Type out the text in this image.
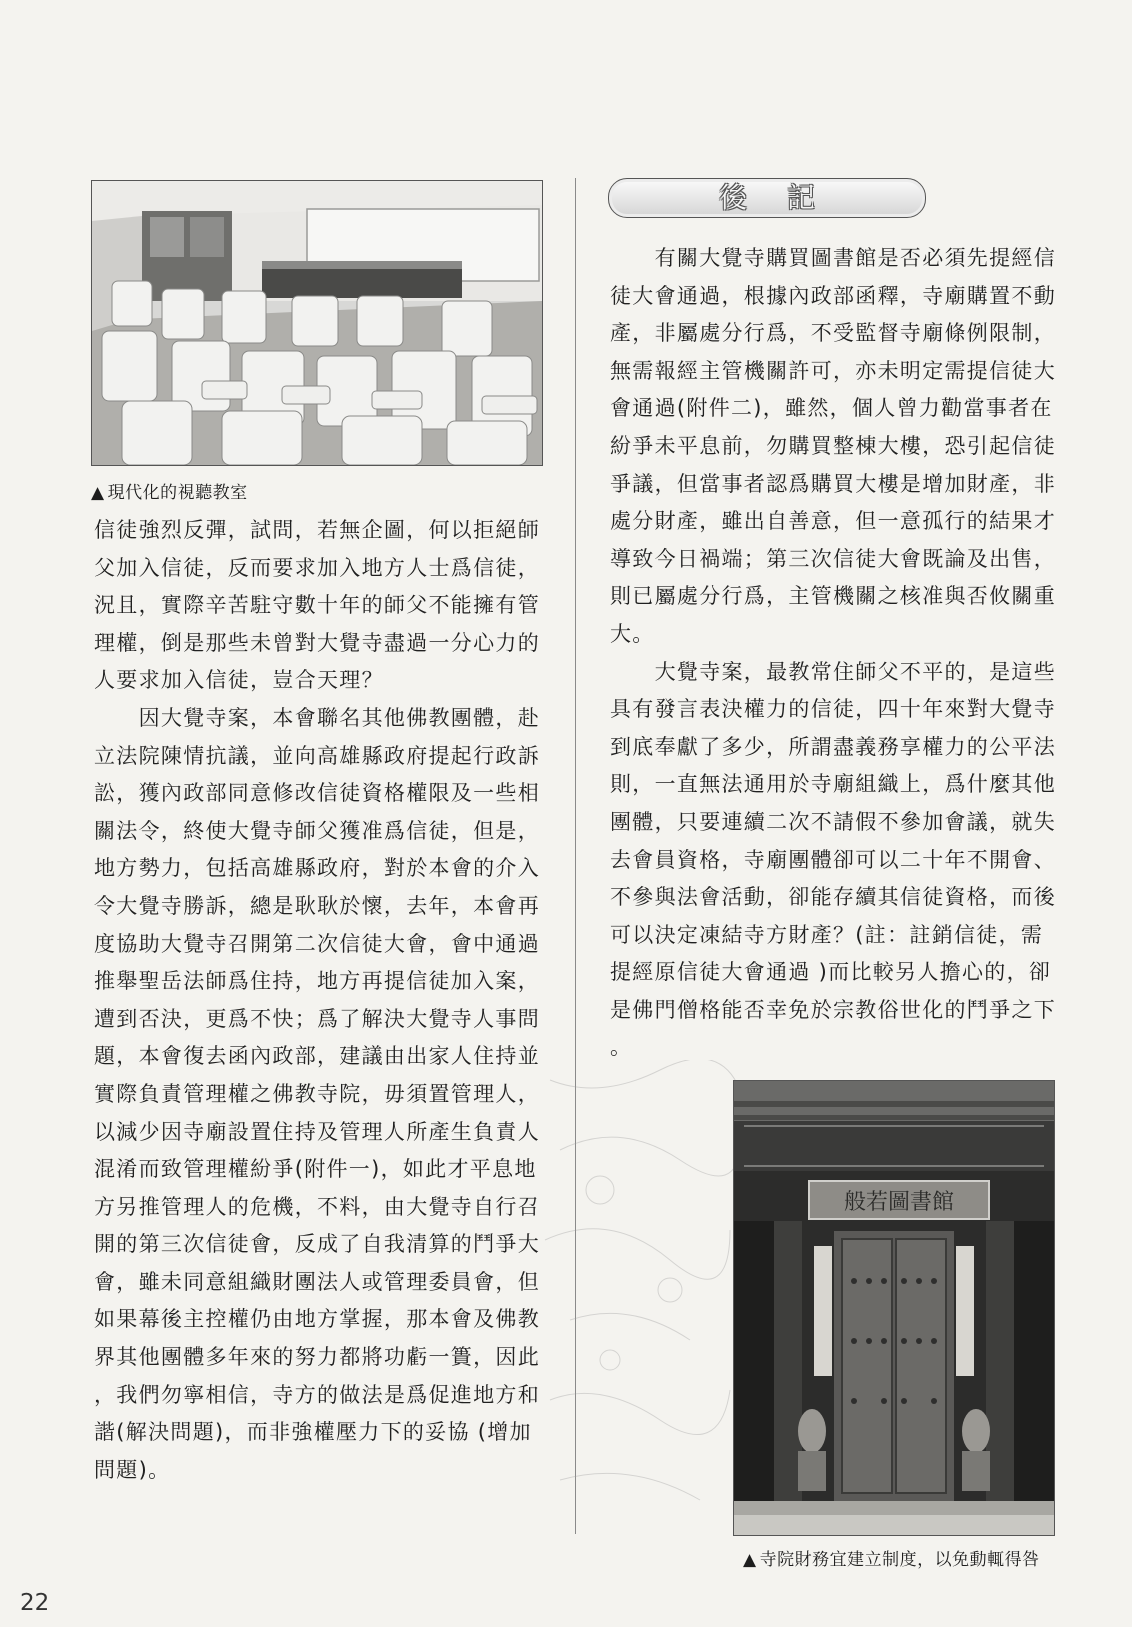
▲ 現代化的視聽教室
信徒強烈反彈，試問，若無企圖，何以拒絕師
父加入信徒，反而要求加入地方人士爲信徒，
況且，實際辛苦駐守數十年的師父不能擁有管
理權，倒是那些未曾對大覺寺盡過一分心力的
人要求加入信徒，豈合天理？
　　因大覺寺案，本會聯名其他佛教團體，赴
立法院陳情抗議，並向高雄縣政府提起行政訴
訟，獲內政部同意修改信徒資格權限及一些相
關法令，終使大覺寺師父獲准爲信徒，但是，
地方勢力，包括高雄縣政府，對於本會的介入
令大覺寺勝訴，總是耿耿於懷，去年，本會再
度協助大覺寺召開第二次信徒大會，會中通過
推舉聖岳法師爲住持，地方再提信徒加入案，
遭到否決，更爲不快；爲了解決大覺寺人事問
題，本會復去函內政部，建議由出家人住持並
實際負責管理權之佛教寺院，毋須置管理人，
以減少因寺廟設置住持及管理人所產生負責人
混淆而致管理權紛爭(附件一)，如此才平息地
方另推管理人的危機，不料，由大覺寺自行召
開的第三次信徒會，反成了自我清算的鬥爭大
會，雖未同意組織財團法人或管理委員會，但
如果幕後主控權仍由地方掌握，那本會及佛教
界其他團體多年來的努力都將功虧一簣，因此
，我們勿寧相信，寺方的做法是爲促進地方和
諧(解決問題)，而非強權壓力下的妥協 (增加
問題)。
後記
　　有關大覺寺購買圖書館是否必須先提經信
徒大會通過，根據內政部函釋，寺廟購置不動
產，非屬處分行爲，不受監督寺廟條例限制，
無需報經主管機關許可，亦未明定需提信徒大
會通過(附件二)，雖然，個人曾力勸當事者在
紛爭未平息前，勿購買整棟大樓，恐引起信徒
爭議，但當事者認爲購買大樓是增加財產，非
處分財產，雖出自善意，但一意孤行的結果才
導致今日禍端；第三次信徒大會既論及出售，
則已屬處分行爲，主管機關之核准與否攸關重
大。
　　大覺寺案，最教常住師父不平的，是這些
具有發言表決權力的信徒，四十年來對大覺寺
到底奉獻了多少，所謂盡義務享權力的公平法
則，一直無法通用於寺廟組織上，爲什麼其他
團體，只要連續二次不請假不參加會議，就失
去會員資格，寺廟團體卻可以二十年不開會、
不參與法會活動，卻能存續其信徒資格，而後
可以決定凍結寺方財產？(註：註銷信徒，需
提經原信徒大會通過 )而比較另人擔心的，卻
是佛門僧格能否幸免於宗教俗世化的鬥爭之下
。
般若圖書館
▲ 寺院財務宜建立制度，以免動輒得咎
22
